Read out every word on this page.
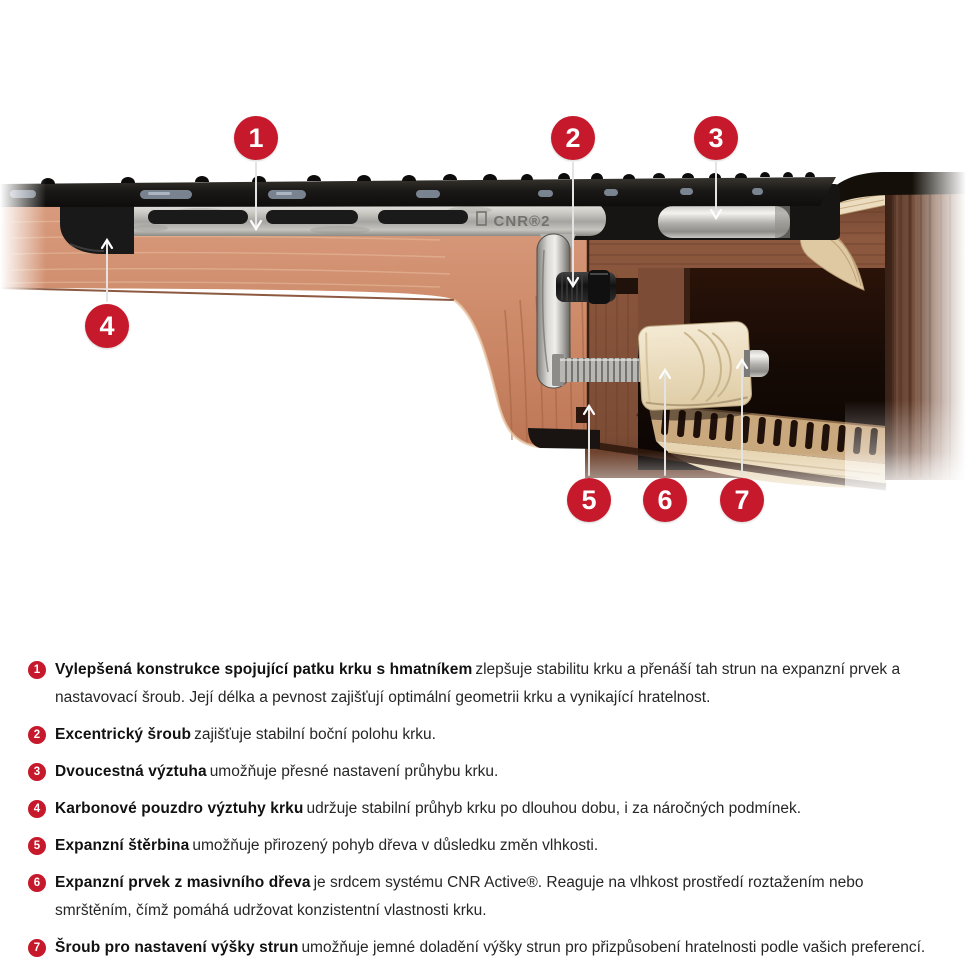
CNR®2
1	2	3
4
5 6 7
1 Vylepšená konstrukce spojující patku krku s hmatníkem zlepšuje stabilitu krku a přenáší tah strun na expanzní prvek a nastavovací šroub. Její délka a pevnost zajišťují optimální geometrii krku a vynikající hratelnost.

2 Excentrický šroub zajišťuje stabilní boční polohu krku.

3 Dvoucestná výztuha umožňuje přesné nastavení průhybu krku.

4 Karbonové pouzdro výztuhy krku udržuje stabilní průhyb krku po dlouhou dobu, i za náročných podmínek.

5 Expanzní štěrbina umožňuje přirozený pohyb dřeva v důsledku změn vlhkosti.

6 Expanzní prvek z masivního dřeva je srdcem systému CNR Active®. Reaguje na vlhkost prostředí roztažením nebo smrštěním, čímž pomáhá udržovat konzistentní vlastnosti krku.

7 Šroub pro nastavení výšky strun umožňuje jemné doladění výšky strun pro přizpůsobení hratelnosti podle vašich preferencí.
